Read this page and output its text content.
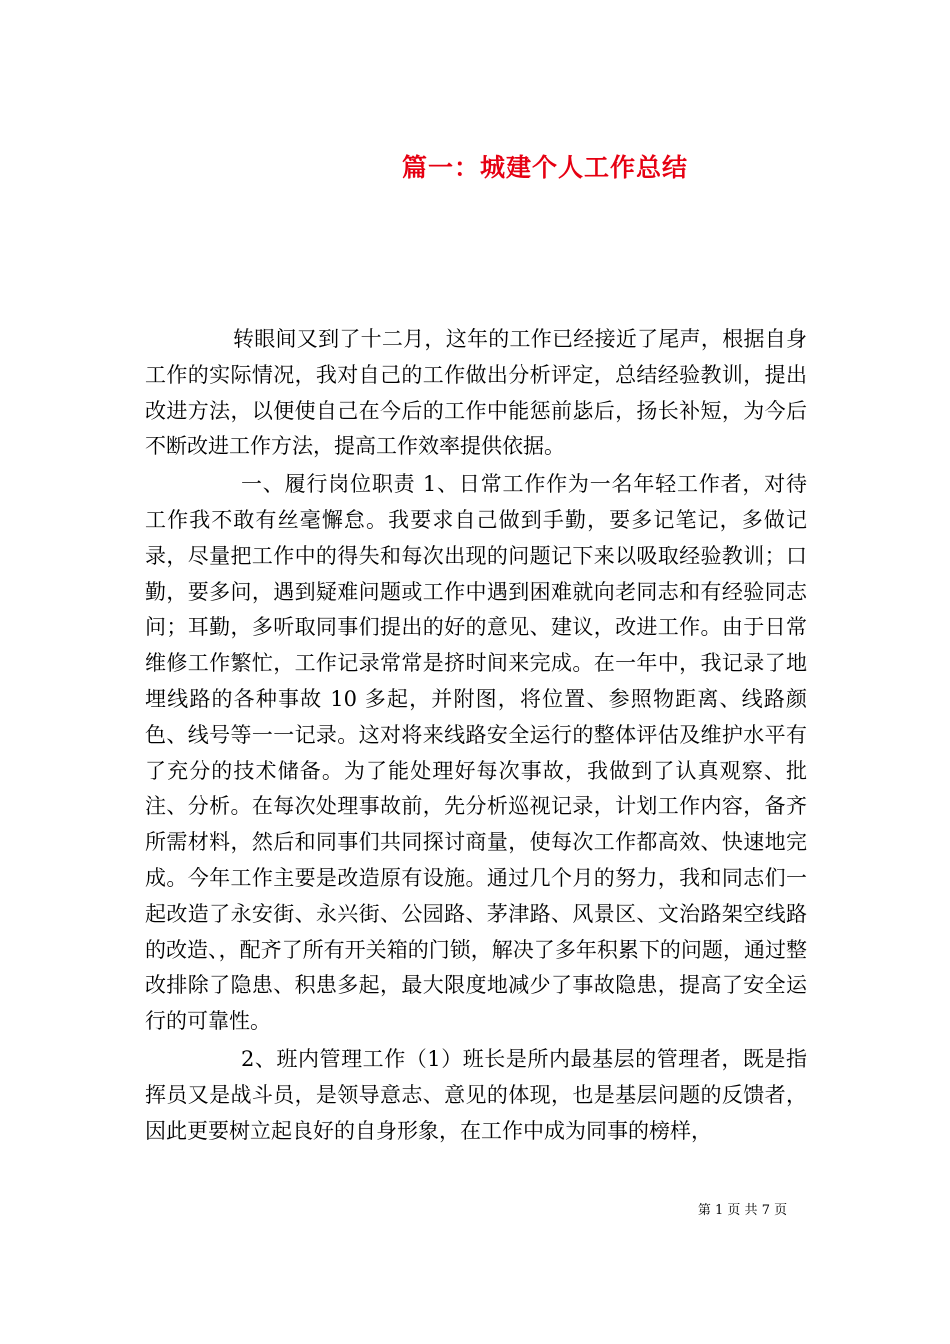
篇一：城建个人工作总结

转眼间又到了十二月，这年的工作已经接近了尾声，根据自身工作的实际情况，我对自己的工作做出分析评定，总结经验教训，提出改进方法，以便使自己在今后的工作中能惩前毖后，扬长补短，为今后不断改进工作方法，提高工作效率提供依据。

一、履行岗位职责 1、日常工作作为一名年轻工作者，对待工作我不敢有丝毫懈怠。我要求自己做到手勤，要多记笔记，多做记录，尽量把工作中的得失和每次出现的问题记下来以吸取经验教训；口勤，要多问，遇到疑难问题或工作中遇到困难就向老同志和有经验同志问；耳勤，多听取同事们提出的好的意见、建议，改进工作。由于日常维修工作繁忙，工作记录常常是挤时间来完成。在一年中，我记录了地埋线路的各种事故 10 多起，并附图，将位置、参照物距离、线路颜色、线号等一一记录。这对将来线路安全运行的整体评估及维护水平有了充分的技术储备。为了能处理好每次事故，我做到了认真观察、批注、分析。在每次处理事故前，先分析巡视记录，计划工作内容，备齐所需材料，然后和同事们共同探讨商量，使每次工作都高效、快速地完成。今年工作主要是改造原有设施。通过几个月的努力，我和同志们一起改造了永安街、永兴街、公园路、茅津路、风景区、文治路架空线路的改造、，配齐了所有开关箱的门锁，解决了多年积累下的问题，通过整改排除了隐患、积患多起，最大限度地减少了事故隐患，提高了安全运行的可靠性。

2、班内管理工作（1）班长是所内最基层的管理者，既是指挥员又是战斗员，是领导意志、意见的体现，也是基层问题的反馈者，因此更要树立起良好的自身形象，在工作中成为同事的榜样，

第 1 页 共 7 页
